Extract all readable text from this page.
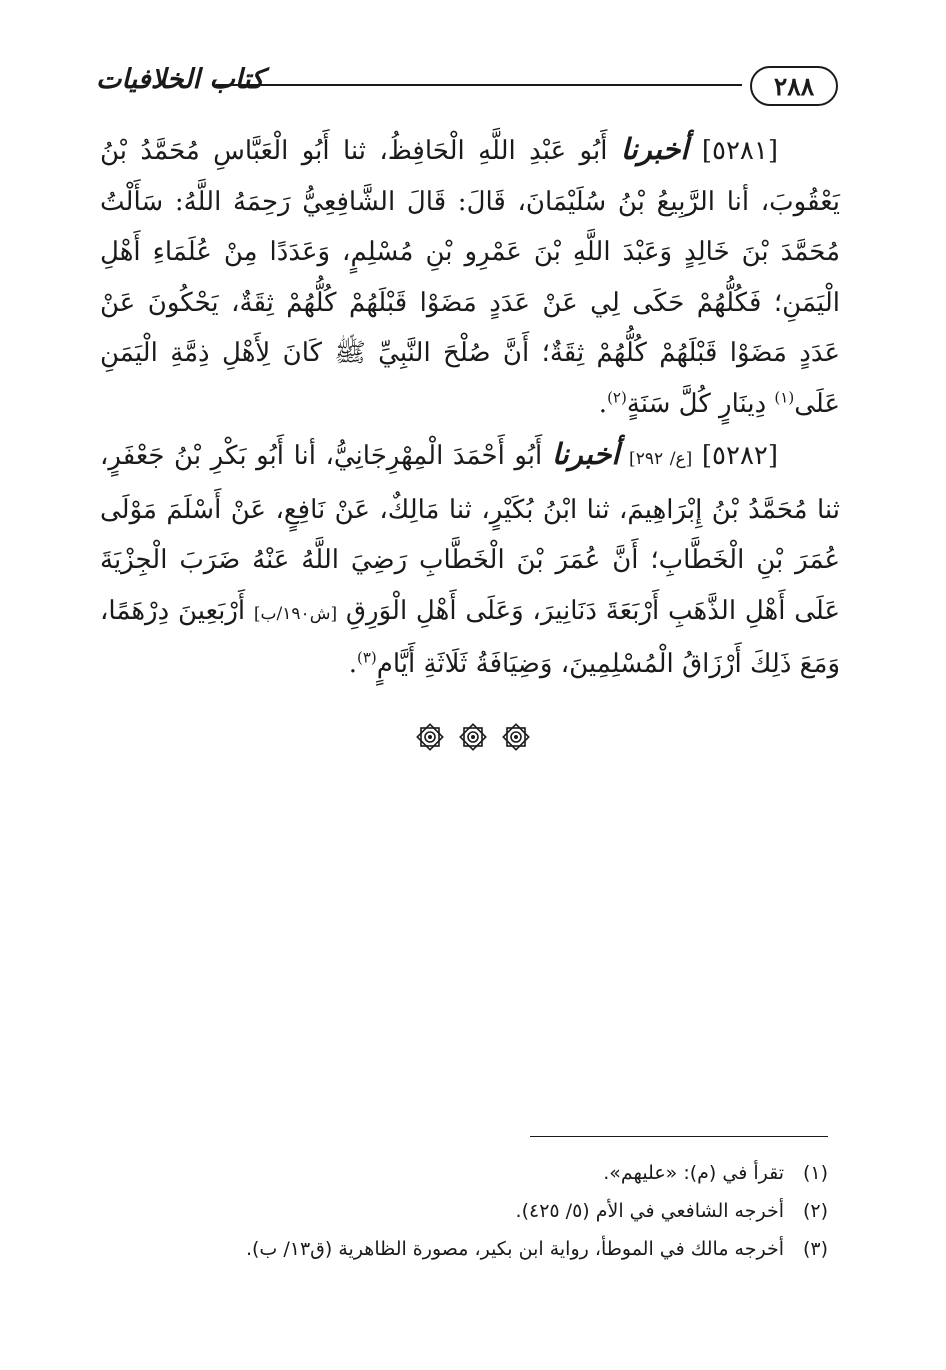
كتاب الخلافيات	٢٨٨

[٥٢٨١] أخبرنا أَبُو عَبْدِ اللَّهِ الْحَافِظُ، ثنا أَبُو الْعَبَّاسِ مُحَمَّدُ بْنُ يَعْقُوبَ، أنا الرَّبِيعُ بْنُ سُلَيْمَانَ، قَالَ: قَالَ الشَّافِعِيُّ رَحِمَهُ اللَّهُ: سَأَلْتُ مُحَمَّدَ بْنَ خَالِدٍ وَعَبْدَ اللَّهِ بْنَ عَمْرِو بْنِ مُسْلِمٍ، وَعَدَدًا مِنْ عُلَمَاءِ أَهْلِ الْيَمَنِ؛ فَكُلُّهُمْ حَكَى لِي عَنْ عَدَدٍ مَضَوْا قَبْلَهُمْ كُلُّهُمْ ثِقَةٌ، يَحْكُونَ عَنْ عَدَدٍ مَضَوْا قَبْلَهُمْ كُلُّهُمْ ثِقَةٌ؛ أَنَّ صُلْحَ النَّبِيِّ ﷺ كَانَ لِأَهْلِ ذِمَّةِ الْيَمَنِ عَلَى$^{(١)}$ دِينَارٍ كُلَّ سَنَةٍ$^{(٢)}$.

[٥٢٨٢] [ع/ ٢٩٢] أخبرنا أَبُو أَحْمَدَ الْمِهْرِجَانِيُّ، أنا أَبُو بَكْرِ بْنُ جَعْفَرٍ، ثنا مُحَمَّدُ بْنُ إِبْرَاهِيمَ، ثنا ابْنُ بُكَيْرٍ، ثنا مَالِكٌ، عَنْ نَافِعٍ، عَنْ أَسْلَمَ مَوْلَى عُمَرَ بْنِ الْخَطَّابِ؛ أَنَّ عُمَرَ بْنَ الْخَطَّابِ رَضِيَ اللَّهُ عَنْهُ ضَرَبَ الْجِزْيَةَ عَلَى أَهْلِ الذَّهَبِ أَرْبَعَةَ دَنَانِيرَ، وَعَلَى أَهْلِ الْوَرِقِ [ش١٩٠/ب] أَرْبَعِينَ دِرْهَمًا، وَمَعَ ذَلِكَ أَرْزَاقُ الْمُسْلِمِينَ، وَضِيَافَةُ ثَلَاثَةِ أَيَّامٍ$^{(٣)}$.

(١)تقرأ في (م): «عليهم».
(٢)أخرجه الشافعي في الأم (٥/ ٤٢٥).
(٣)أخرجه مالك في الموطأ، رواية ابن بكير، مصورة الظاهرية (ق١٣/ ب).
